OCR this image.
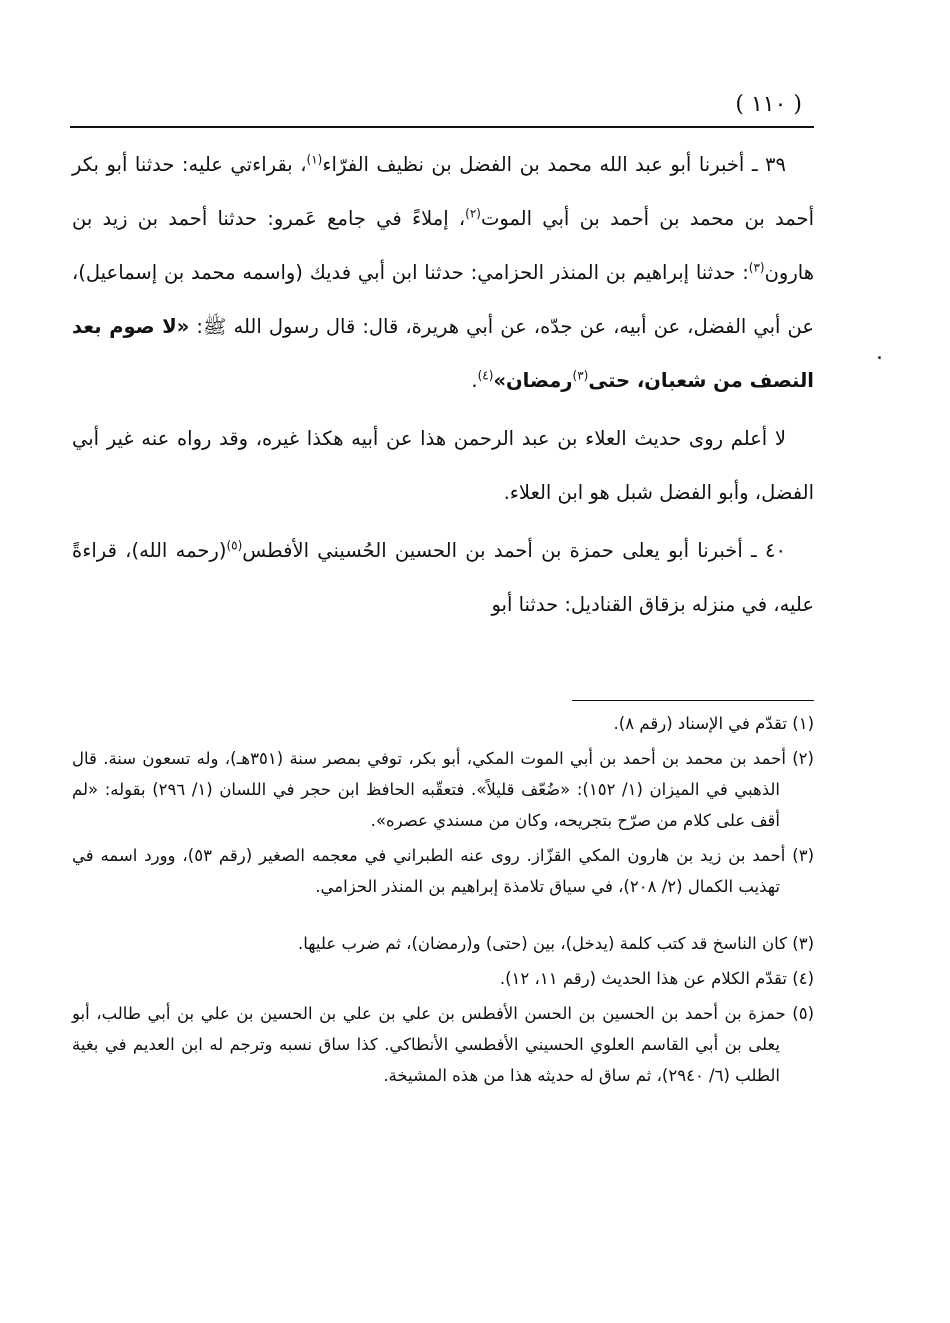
( ١١٠ )
.

٣٩ ـ أخبرنا أبو عبد الله محمد بن الفضل بن نظيف الفرّاء$^{(١)}$، بقراءتي عليه: حدثنا أبو بكر أحمد بن محمد بن أحمد بن أبي الموت$^{(٢)}$، إملاءً في جامع عَمرو: حدثنا أحمد بن زيد بن هارون$^{(٣)}$: حدثنا إبراهيم بن المنذر الحزامي: حدثنا ابن أبي فديك (واسمه محمد بن إسماعيل)، عن أبي الفضل، عن أبيه، عن جدّه، عن أبي هريرة، قال: قال رسول الله ﷺ: «لا صوم بعد النصف من شعبان، حتى$^{(٣)}$رمضان»$^{(٤)}$.

لا أعلم روى حديث العلاء بن عبد الرحمن هذا عن أبيه هكذا غيره، وقد رواه عنه غير أبي الفضل، وأبو الفضل شبل هو ابن العلاء.

٤٠ ـ أخبرنا أبو يعلى حمزة بن أحمد بن الحسين الحُسيني الأفطس$^{(٥)}$(رحمه الله)، قراءةً عليه، في منزله بزقاق القناديل: حدثنا أبو

(١) تقدّم في الإسناد (رقم ٨).

(٢) أحمد بن محمد بن أحمد بن أبي الموت المكي، أبو بكر، توفي بمصر سنة (٣٥١هـ)، وله تسعون سنة. قال الذهبي في الميزان (١/ ١٥٢): «ضُعّف قليلاً». فتعقّبه الحافظ ابن حجر في اللسان (١/ ٢٩٦) بقوله: «لم أقف على كلام من صرّح بتجريحه، وكان من مسندي عصره».

(٣) أحمد بن زيد بن هارون المكي القزّاز. روى عنه الطبراني في معجمه الصغير (رقم ٥٣)، وورد اسمه في تهذيب الكمال (٢/ ٢٠٨)، في سياق تلامذة إبراهيم بن المنذر الحزامي.

(٣) كان الناسخ قد كتب كلمة (يدخل)، بين (حتى) و(رمضان)، ثم ضرب عليها.

(٤) تقدّم الكلام عن هذا الحديث (رقم ١١، ١٢).

(٥) حمزة بن أحمد بن الحسين بن الحسن الأفطس بن علي بن علي بن الحسين بن علي بن أبي طالب، أبو يعلى بن أبي القاسم العلوي الحسيني الأفطسي الأنطاكي. كذا ساق نسبه وترجم له ابن العديم في بغية الطلب (٦/ ٢٩٤٠)، ثم ساق له حديثه هذا من هذه المشيخة.
